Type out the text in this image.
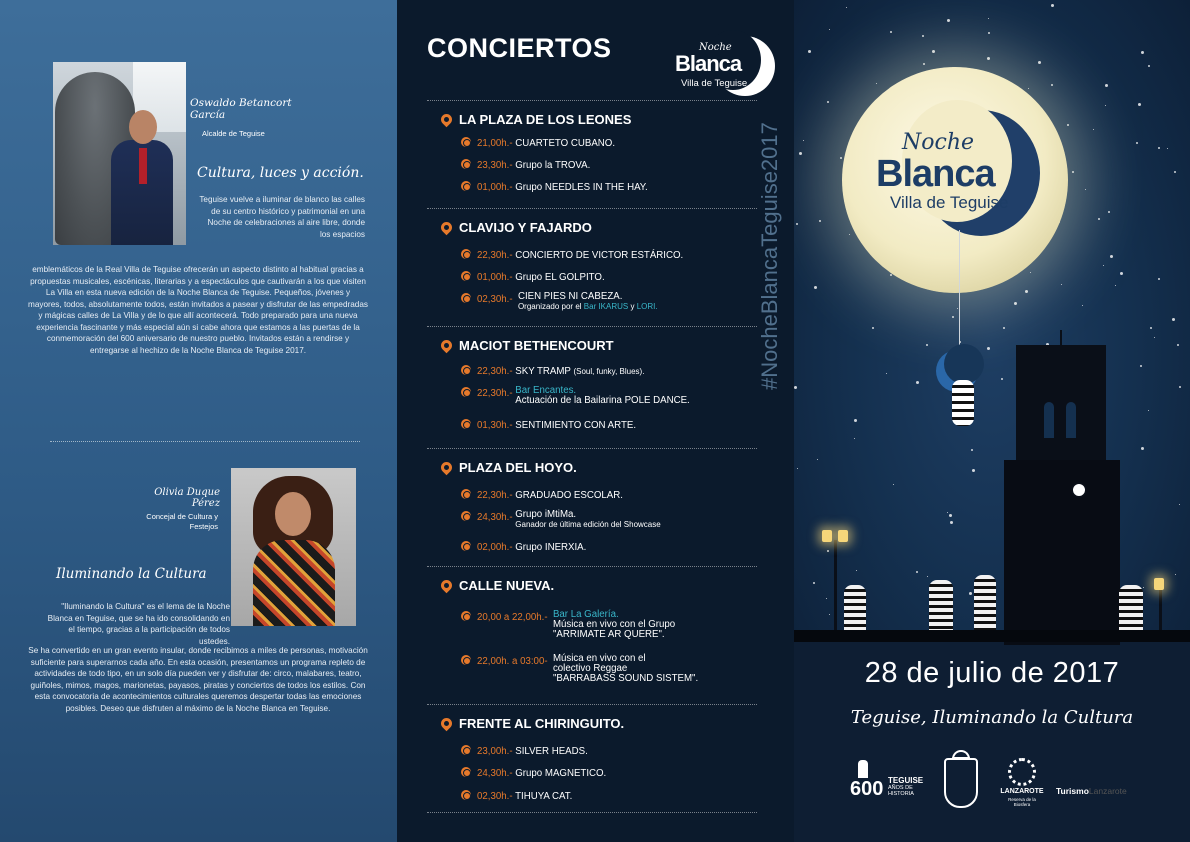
Oswaldo Betancort García
Alcalde de Teguise
Cultura, luces y acción.
Teguise vuelve a iluminar de blanco las calles de su centro histórico y patrimonial en una Noche de celebraciones al aire libre, donde los espacios
emblemáticos de la Real Villa de Teguise ofrecerán un aspecto distinto al habitual gracias a propuestas musicales, escénicas, literarias y a espectáculos que cautivarán a los que visiten La Villa en esta nueva edición de la Noche Blanca de Teguise. Pequeños, jóvenes y mayores, todos, absolutamente todos, están invitados a pasear y disfrutar de las empedradas y mágicas calles de La Villa y de lo que allí acontecerá. Todo preparado para una nueva experiencia fascinante y más especial aún si cabe ahora que estamos a las puertas de la conmemoración del 600 aniversario de nuestro pueblo. Invitados están a rendirse y entregarse al hechizo de la Noche Blanca de Teguise 2017.
Olivia Duque Pérez
Concejal de Cultura y Festejos
Iluminando la Cultura
"Iluminando la Cultura" es el lema de la Noche Blanca en Teguise, que se ha ido consolidando en el tiempo, gracias a la participación de todos ustedes.
Se ha convertido en un gran evento insular, donde recibimos a miles de personas, motivación suficiente para superarnos cada año. En esta ocasión, presentamos un programa repleto de actividades de todo tipo, en un solo día pueden ver y disfrutar de: circo, malabares, teatro, guiñoles, mimos, magos, marionetas, payasos, piratas y conciertos de todos los estilos. Con esta convocatoria de acontecimientos culturales queremos despertar todas las emociones posibles. Deseo que disfruten al máximo de la Noche Blanca en Teguise.
CONCIERTOS	Noche
Blanca
Villa de Teguise
LA PLAZA DE LOS LEONES
21,00h.- CUARTETO CUBANO.
23,30h.- Grupo la TROVA.
01,00h.- Grupo NEEDLES IN THE HAY.
CLAVIJO Y FAJARDO
22,30h.- CONCIERTO DE VICTOR ESTÁRICO.
01,00h.- Grupo EL GOLPITO.
02,30h.- CIEN PIES NI CABEZA.
Organizado por el Bar IKARUS y LORI.
MACIOT BETHENCOURT
22,30h.- SKY TRAMP (Soul, funky, Blues).
22,30h.- Bar Encantes.
Actuación de la Bailarina POLE DANCE.
01,30h.- SENTIMIENTO CON ARTE.
PLAZA DEL HOYO.
22,30h.- GRADUADO ESCOLAR.
24,30h.- Grupo iMtiMa.
Ganador de última edición del Showcase
02,00h.- Grupo INERXIA.
CALLE NUEVA.
20,00 a 22,00h.- Bar La Galería.
Música en vivo con el Grupo
"ARRIMATE AR QUERE".
22,00h. a 03:00- Música en vivo con el
colectivo Reggae
"BARRABASS SOUND SISTEM".
FRENTE AL CHIRINGUITO.
23,00h.- SILVER HEADS.
24,30h.- Grupo MAGNETICO.
02,30h.- TIHUYA CAT.
#NocheBlancaTeguise2017	Noche
Blanca
Villa de Teguise
28 de julio de 2017
Teguise, Iluminando la Cultura
600 TEGUISE
AÑOS DE HISTORIA	LANZAROTE
Reserva de la Biosfera
TurismoLanzarote
